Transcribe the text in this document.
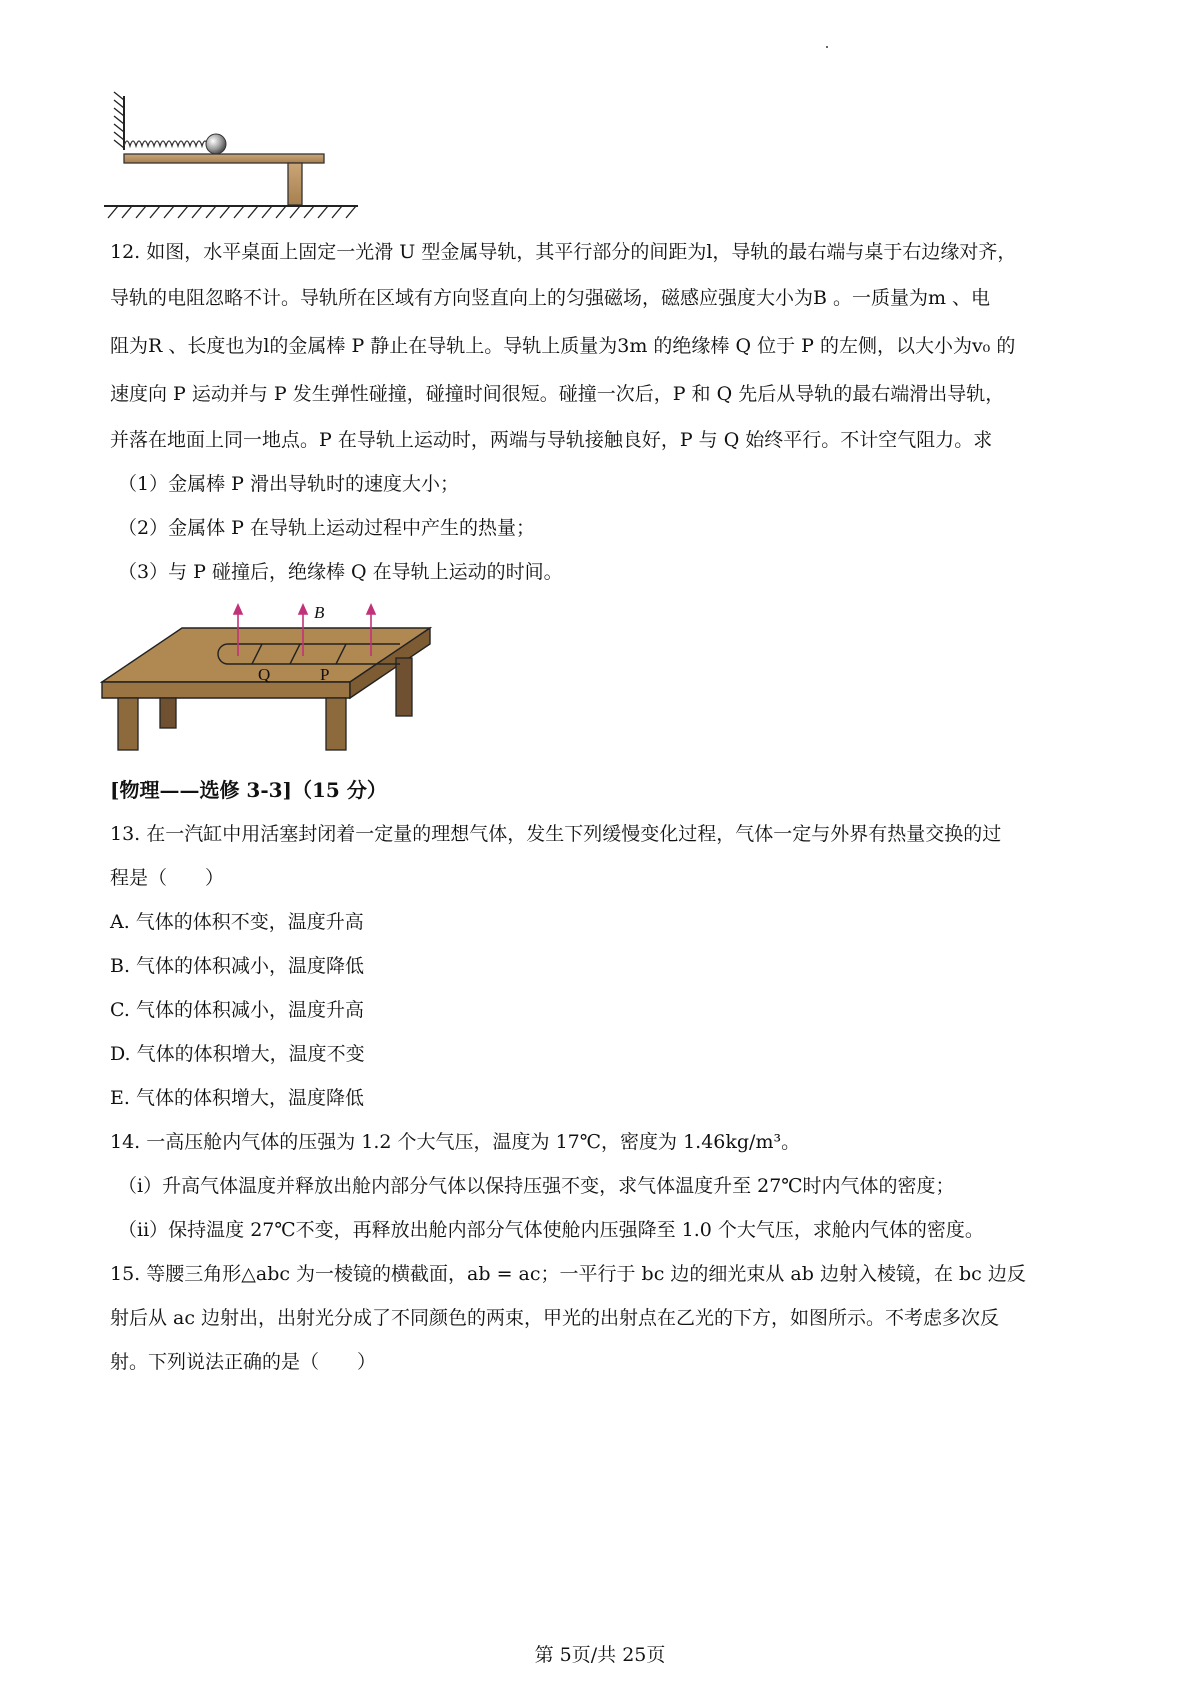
12. 如图，水平桌面上固定一光滑 U 型金属导轨，其平行部分的间距为l，导轨的最右端与桌于右边缘对齐，
导轨的电阻忽略不计。导轨所在区域有方向竖直向上的匀强磁场，磁感应强度大小为B 。一质量为m 、电
阻为R 、长度也为l的金属棒 P 静止在导轨上。导轨上质量为3m 的绝缘棒 Q 位于 P 的左侧，以大小为v₀ 的
速度向 P 运动并与 P 发生弹性碰撞，碰撞时间很短。碰撞一次后，P 和 Q 先后从导轨的最右端滑出导轨，
并落在地面上同一地点。P 在导轨上运动时，两端与导轨接触良好，P 与 Q 始终平行。不计空气阻力。求
（1）金属棒 P 滑出导轨时的速度大小；
（2）金属体 P 在导轨上运动过程中产生的热量；
（3）与 P 碰撞后，绝缘棒 Q 在导轨上运动的时间。
B
Q	P
[物理——选修 3-3]（15 分）
13. 在一汽缸中用活塞封闭着一定量的理想气体，发生下列缓慢变化过程，气体一定与外界有热量交换的过
程是（　　）
A. 气体的体积不变，温度升高
B. 气体的体积减小，温度降低
C. 气体的体积减小，温度升高
D. 气体的体积增大，温度不变
E. 气体的体积增大，温度降低
14. 一高压舱内气体的压强为 1.2 个大气压，温度为 17℃，密度为 1.46kg/m³。
（i）升高气体温度并释放出舱内部分气体以保持压强不变，求气体温度升至 27℃时内气体的密度；
（ii）保持温度 27℃不变，再释放出舱内部分气体使舱内压强降至 1.0 个大气压，求舱内气体的密度。
15. 等腰三角形△abc 为一棱镜的横截面，ab = ac；一平行于 bc 边的细光束从 ab 边射入棱镜，在 bc 边反
射后从 ac 边射出，出射光分成了不同颜色的两束，甲光的出射点在乙光的下方，如图所示。不考虑多次反
射。下列说法正确的是（　　）
第 5页/共 25页
